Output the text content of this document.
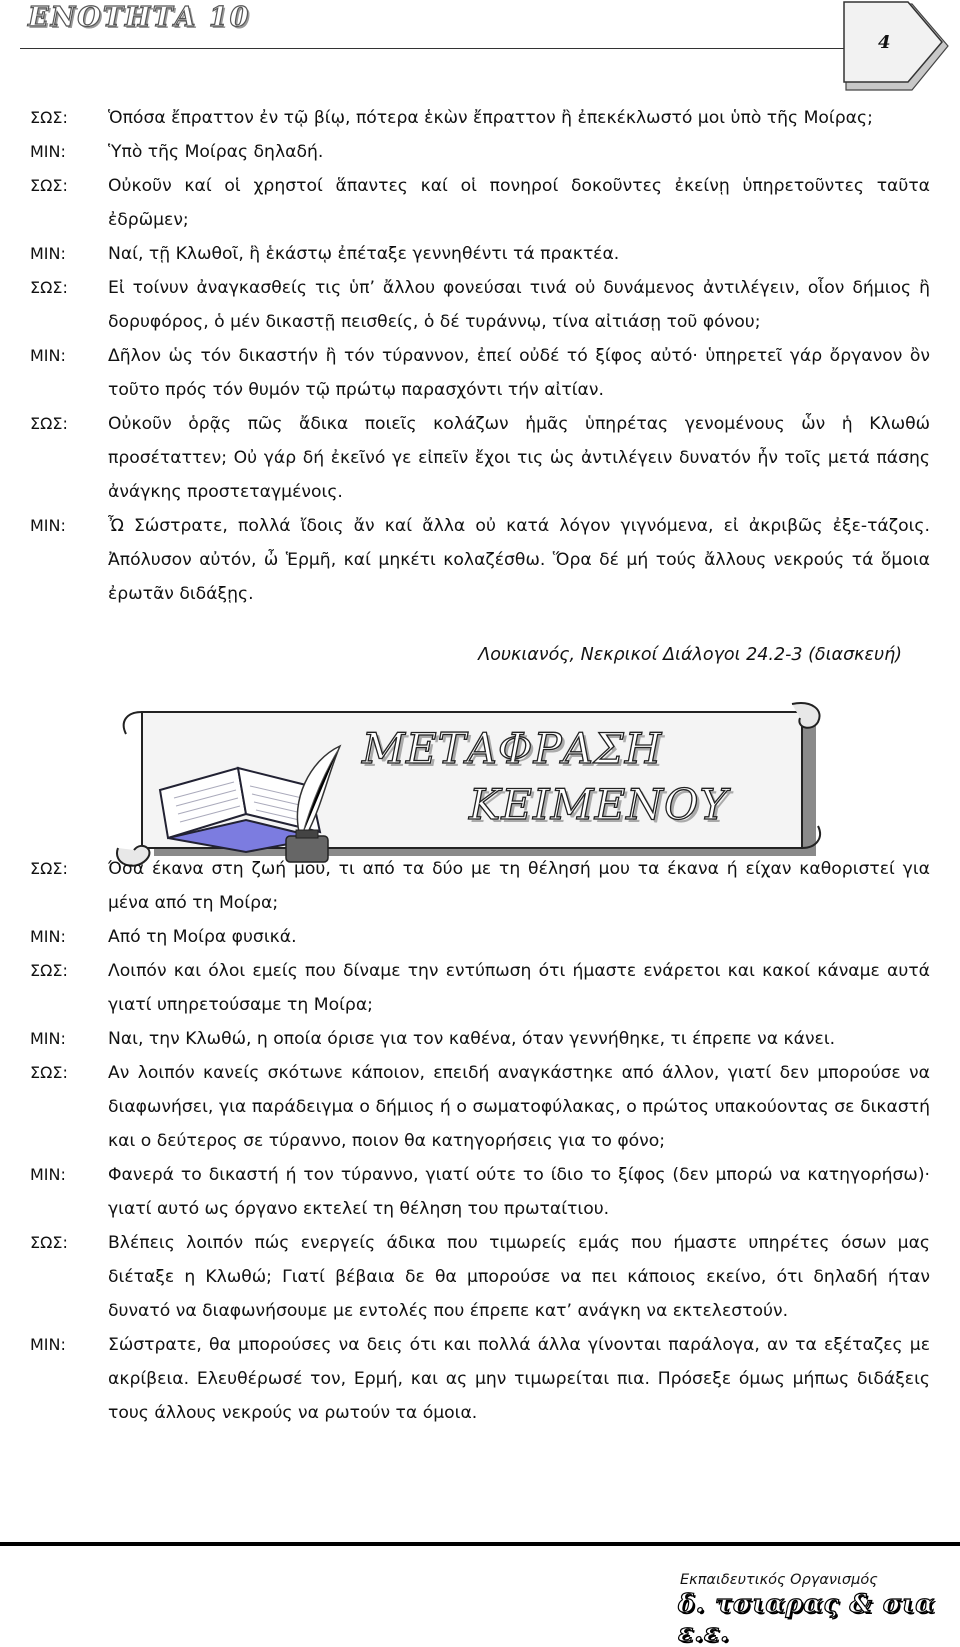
ΕΝΟΤΗΤΑ 10
4
ΣΩΣ: Ὁπόσα ἔπραττον ἐν τῷ βίῳ, πότερα ἑκὼν ἔπραττον ἢ ἐπεκέκλωστό μοι ὑπὸ τῆς Μοίρας;
ΜΙΝ: Ὑπὸ τῆς Μοίρας δηλαδή.
ΣΩΣ: Οὐκοῦν καί οἱ χρηστοί ἅπαντες καί οἱ πονηροί δοκοῦντες ἐκείνῃ ὑπηρετοῦντες ταῦτα ἐδρῶμεν;
ΜΙΝ: Ναί, τῇ Κλωθοῖ, ἣ ἑκάστῳ ἐπέταξε γεννηθέντι τά πρακτέα.
ΣΩΣ: Εἰ τοίνυν ἀναγκασθείς τις ὑπ’ ἄλλου φονεύσαι τινά οὐ δυνάμενος ἀντιλέγειν, οἷον δήμιος ἢ δορυφόρος, ὁ μέν δικαστῇ πεισθείς, ὁ δέ τυράννῳ, τίνα αἰτιάσῃ τοῦ φόνου;
ΜΙΝ: Δῆλον ὡς τόν δικαστήν ἢ τόν τύραννον, ἐπεί οὐδέ τό ξίφος αὐτό· ὑπηρετεῖ γάρ ὄργανον ὂν τοῦτο πρός τόν θυμόν τῷ πρώτῳ παρασχόντι τήν αἰτίαν.
ΣΩΣ: Οὐκοῦν ὁρᾷς πῶς ἄδικα ποιεῖς κολάζων ἡμᾶς ὑπηρέτας γενομένους ὧν ἡ Κλωθώ προσέταττεν; Οὐ γάρ δή ἐκεῖνό γε εἰπεῖν ἔχοι τις ὡς ἀντιλέγειν δυνατόν ἦν τοῖς μετά πάσης ἀνάγκης προστεταγμένοις.
ΜΙΝ: Ὦ Σώστρατε, πολλά ἴδοις ἄν καί ἄλλα οὐ κατά λόγον γιγνόμενα, εἰ ἀκριβῶς ἐξε-τάζοις. Ἀπόλυσον αὐτόν, ὦ Ἑρμῆ, καί μηκέτι κολαζέσθω. Ὅρα δέ μή τούς ἄλλους νεκρούς τά ὅμοια ἐρωτᾶν διδάξῃς.
Λουκιανός, Νεκρικοί Διάλογοι 24.2-3 (διασκευή)
ΜΕΤΑΦΡΑΣΗ
ΚΕΙΜΕΝΟΥ
ΣΩΣ: Όσα έκανα στη ζωή μου, τι από τα δύο με τη θέλησή μου τα έκανα ή είχαν καθοριστεί για μένα από τη Μοίρα;
ΜΙΝ: Από τη Μοίρα φυσικά.
ΣΩΣ: Λοιπόν και όλοι εμείς που δίναμε την εντύπωση ότι ήμαστε ενάρετοι και κακοί κάναμε αυτά γιατί υπηρετούσαμε τη Μοίρα;
ΜΙΝ: Ναι, την Κλωθώ, η οποία όρισε για τον καθένα, όταν γεννήθηκε, τι έπρεπε να κάνει.
ΣΩΣ: Αν λοιπόν κανείς σκότωνε κάποιον, επειδή αναγκάστηκε από άλλον, γιατί δεν μπορούσε να διαφωνήσει, για παράδειγμα ο δήμιος ή ο σωματοφύλακας, ο πρώτος υπακούοντας σε δικαστή και ο δεύτερος σε τύραννο, ποιον θα κατηγορήσεις για το φόνο;
ΜΙΝ: Φανερά το δικαστή ή τον τύραννο, γιατί ούτε το ίδιο το ξίφος (δεν μπορώ να κατηγορήσω)· γιατί αυτό ως όργανο εκτελεί τη θέληση του πρωταίτιου.
ΣΩΣ: Βλέπεις λοιπόν πώς ενεργείς άδικα που τιμωρείς εμάς που ήμαστε υπηρέτες όσων μας διέταξε η Κλωθώ; Γιατί βέβαια δε θα μπορούσε να πει κάποιος εκείνο, ότι δηλαδή ήταν δυνατό να διαφωνήσουμε με εντολές που έπρεπε κατ’ ανάγκη να εκτελεστούν.
ΜΙΝ: Σώστρατε, θα μπορούσες να δεις ότι και πολλά άλλα γίνονται παράλογα, αν τα εξέταζες με ακρίβεια. Ελευθέρωσέ τον, Ερμή, και ας μην τιμωρείται πια. Πρόσεξε όμως μήπως διδάξεις τους άλλους νεκρούς να ρωτούν τα όμοια.
Εκπαιδευτικός Οργανισμός
δ. τσιαρας & σια ε.ε.
